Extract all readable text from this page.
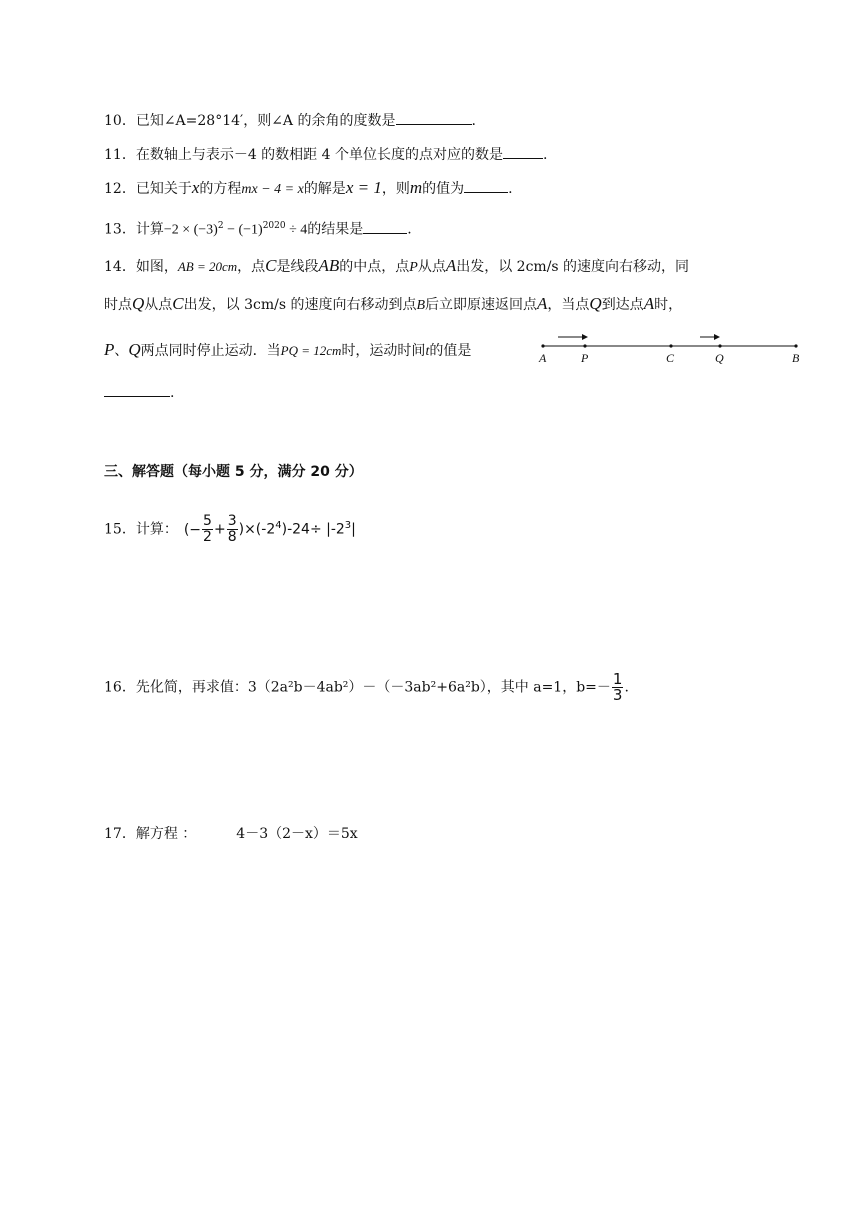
10．已知∠A=28°14′，则∠A 的余角的度数是	.
11．在数轴上与表示－4 的数相距 4 个单位长度的点对应的数是	.
12．已知关于x的方程mx − 4 = x的解是x = 1，则m的值为	.
13．计算$-2 \times (-3)^2 - (-1)^{2020} \div 4$的结果是	.
14．如图，AB = 20cm，点C是线段AB的中点，点P从点A出发，以 2cm/s 的速度向右移动，同
时点Q从点C出发，以 3cm/s 的速度向右移动到点B后立即原速返回点A，当点Q到达点A时，
P、Q两点同时停止运动．当PQ = 12cm时，运动时间t的值是	A	P	C	Q	B
.
三、解答题（每小题 5 分，满分 20 分）
15．计算： (− $\frac{5}{2} + \frac{3}{8} )\times(-2^4)-24\div |-2^3|$
16．先化简，再求值：3（2a²b－4ab²）－（－3ab²+6a²b），其中 a=1，$b=- \frac{1}{3}$ .
17．解方程 ：	4－3（2－x）＝5x
